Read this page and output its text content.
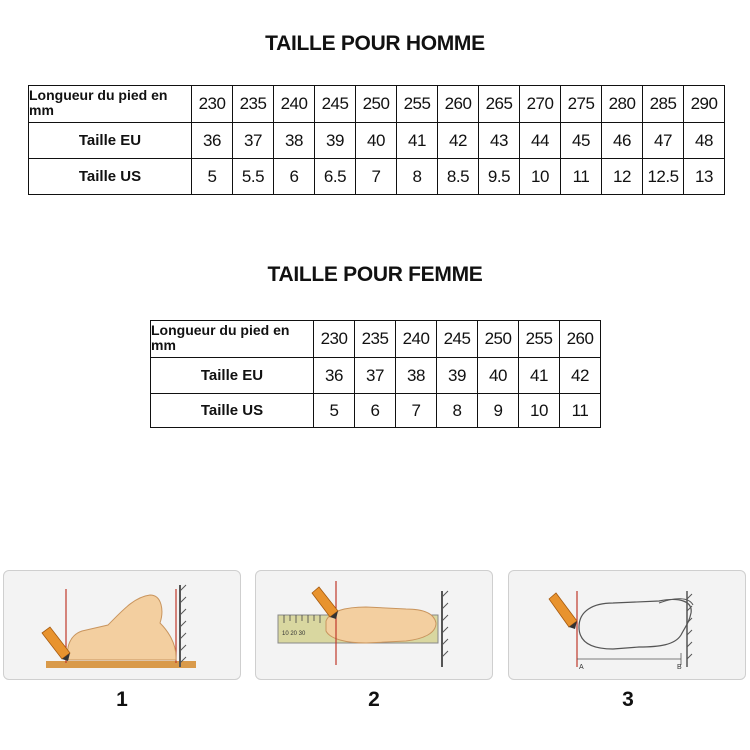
TAILLE POUR HOMME
Longueur du pied en mm	230	235	240	245	250	255	260	265	270	275	280	285	290
Taille EU	36	37	38	39	40	41	42	43	44	45	46	47	48
Taille US	5	5.5	6	6.5	7	8	8.5	9.5	10	11	12	12.5	13
TAILLE POUR FEMME
Longueur du pied en mm	230	235	240	245	250	255	260
Taille EU	36	37	38	39	40	41	42
Taille US	5	6	7	8	9	10	11
10 20 30
A	B
1	2	3
